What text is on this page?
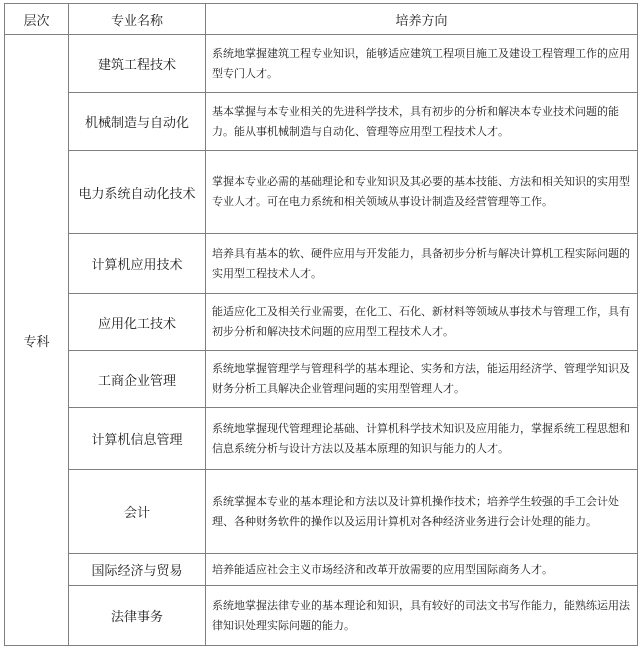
层次	专业名称	培养方向
专科	建筑工程技术	系统地掌握建筑工程专业知识，能够适应建筑工程项目施工及建设工程管理工作的应用型专门人才。
	机械制造与自动化	基本掌握与本专业相关的先进科学技术，具有初步的分析和解决本专业技术问题的能力。能从事机械制造与自动化、管理等应用型工程技术人才。
	电力系统自动化技术	掌握本专业必需的基础理论和专业知识及其必要的基本技能、方法和相关知识的实用型专业人才。可在电力系统和相关领域从事设计制造及经营管理等工作。
	计算机应用技术	培养具有基本的软、硬件应用与开发能力，具备初步分析与解决计算机工程实际问题的实用型工程技术人才。
	应用化工技术	能适应化工及相关行业需要，在化工、石化、新材料等领域从事技术与管理工作，具有初步分析和解决技术问题的应用型工程技术人才。
	工商企业管理	系统地掌握管理学与管理科学的基本理论、实务和方法，能运用经济学、管理学知识及财务分析工具解决企业管理问题的实用型管理人才。
	计算机信息管理	系统地掌握现代管理理论基础、计算机科学技术知识及应用能力，掌握系统工程思想和信息系统分析与设计方法以及基本原理的知识与能力的人才。
	会计	系统掌握本专业的基本理论和方法以及计算机操作技术；培养学生较强的手工会计处理、各种财务软件的操作以及运用计算机对各种经济业务进行会计处理的能力。
	国际经济与贸易	培养能适应社会主义市场经济和改革开放需要的应用型国际商务人才。
	法律事务	系统地掌握法律专业的基本理论和知识，具有较好的司法文书写作能力，能熟练运用法律知识处理实际问题的能力。
